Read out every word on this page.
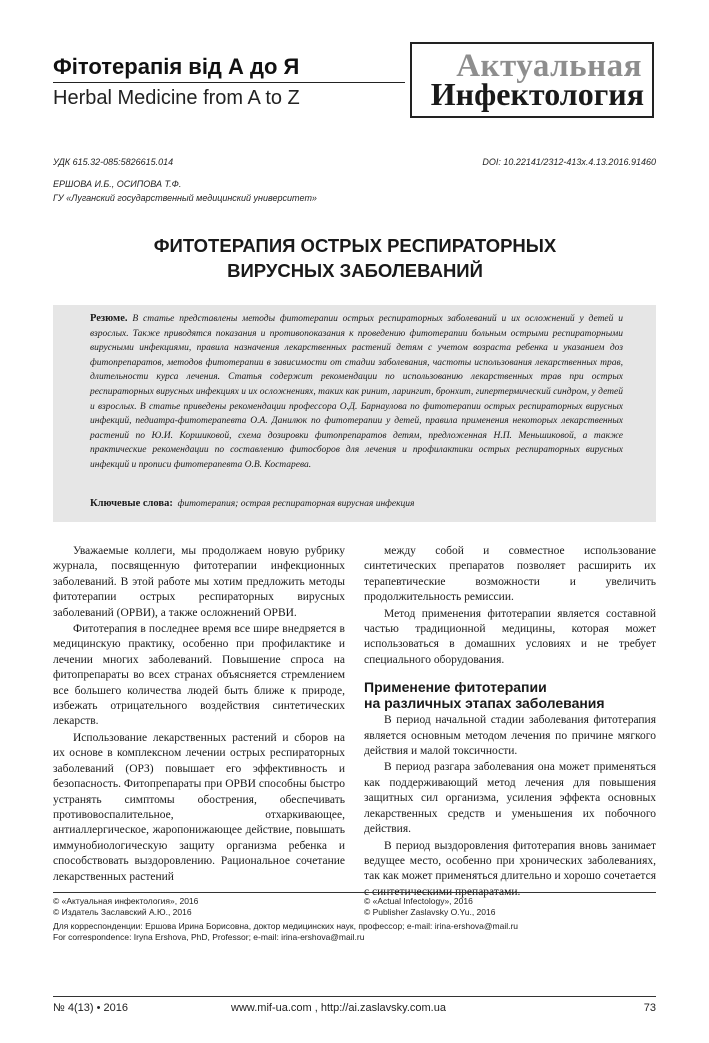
Фітотерапія від А до Я
Herbal Medicine from A to Z
Актуальная
Инфектология
УДК 615.32-085:5826615.014	DOI: 10.22141/2312-413x.4.13.2016.91460
ЕРШОВА И.Б., ОСИПОВА Т.Ф.
ГУ «Луганский государственный медицинский университет»
ФИТОТЕРАПИЯ ОСТРЫХ РЕСПИРАТОРНЫХ
ВИРУСНЫХ ЗАБОЛЕВАНИЙ
Резюме. В статье представлены методы фитотерапии острых респираторных заболеваний и их осложнений у детей и взрослых. Также приводятся показания и противопоказания к проведению фитотерапии больным острыми респираторными вирусными инфекциями, правила назначения лекарственных растений детям с учетом возраста ребенка и указанием доз фитопрепаратов, методов фитотерапии в зависимости от стадии заболевания, частоты использования лекарственных трав, длительности курса лечения. Статья содержит рекомендации по использованию лекарственных трав при острых респираторных вирусных инфекциях и их осложнениях, таких как ринит, ларингит, бронхит, гипертермический синдром, у детей и взрослых. В статье приведены рекомендации профессора О.Д. Барнаулова по фитотерапии острых респираторных вирусных инфекций, педиатра-фитотерапевта О.А. Данилюк по фитотерапии у детей, правила применения некоторых лекарственных растений по Ю.И. Коршиковой, схема дозировки фитопрепаратов детям, предложенная Н.П. Меньшиковой, а также практические рекомендации по составлению фитосборов для лечения и профилактики острых респираторных вирусных инфекций и прописи фитотерапевта О.В. Костарева.
Ключевые слова: фитотерапия; острая респираторная вирусная инфекция

Уважаемые коллеги, мы продолжаем новую рубрику журнала, посвященную фитотерапии инфекционных заболеваний. В этой работе мы хотим предложить методы фитотерапии острых респираторных вирусных заболеваний (ОРВИ), а также осложнений ОРВИ.

Фитотерапия в последнее время все шире внедряется в медицинскую практику, особенно при профилактике и лечении многих заболеваний. Повышение спроса на фитопрепараты во всех странах объясняется стремлением все большего количества людей быть ближе к природе, избежать отрицательного воздействия синтетических лекарств.

Использование лекарственных растений и сборов на их основе в комплексном лечении острых респираторных заболеваний (ОРЗ) повышает его эффективность и безопасность. Фитопрепараты при ОРВИ способны быстро устранять симптомы обострения, обеспечивать противовоспалительное, отхаркивающее, антиаллергическое, жаропонижающее действие, повышать иммунобиологическую защиту организма ребенка и способствовать выздоровлению. Рациональное сочетание лекарственных растений

между собой и совместное использование синтетических препаратов позволяет расширить их терапевтические возможности и увеличить продолжительность ремиссии.

Метод применения фитотерапии является составной частью традиционной медицины, которая может использоваться в домашних условиях и не требует специального оборудования.

Применение фитотерапии
на различных этапах заболевания

В период начальной стадии заболевания фитотерапия является основным методом лечения по причине мягкого действия и малой токсичности.

В период разгара заболевания она может применяться как поддерживающий метод лечения для повышения защитных сил организма, усиления эффекта основных лекарственных средств и уменьшения их побочного действия.

В период выздоровления фитотерапия вновь занимает ведущее место, особенно при хронических заболеваниях, так как может применяться длительно и хорошо сочетается с синтетическими препаратами.

© «Актуальная инфектология», 2016
© Издатель Заславский А.Ю., 2016
© «Actual Infectology», 2016
© Publisher Zaslavsky O.Yu., 2016
Для корреспонденции: Ершова Ирина Борисовна, доктор медицинских наук, профессор; e-mail: irina-ershova@mail.ru
For correspondence: Iryna Ershova, PhD, Professor; e-mail: irina-ershova@mail.ru
№ 4(13) • 2016	www.mif-ua.com , http://ai.zaslavsky.com.ua	73
